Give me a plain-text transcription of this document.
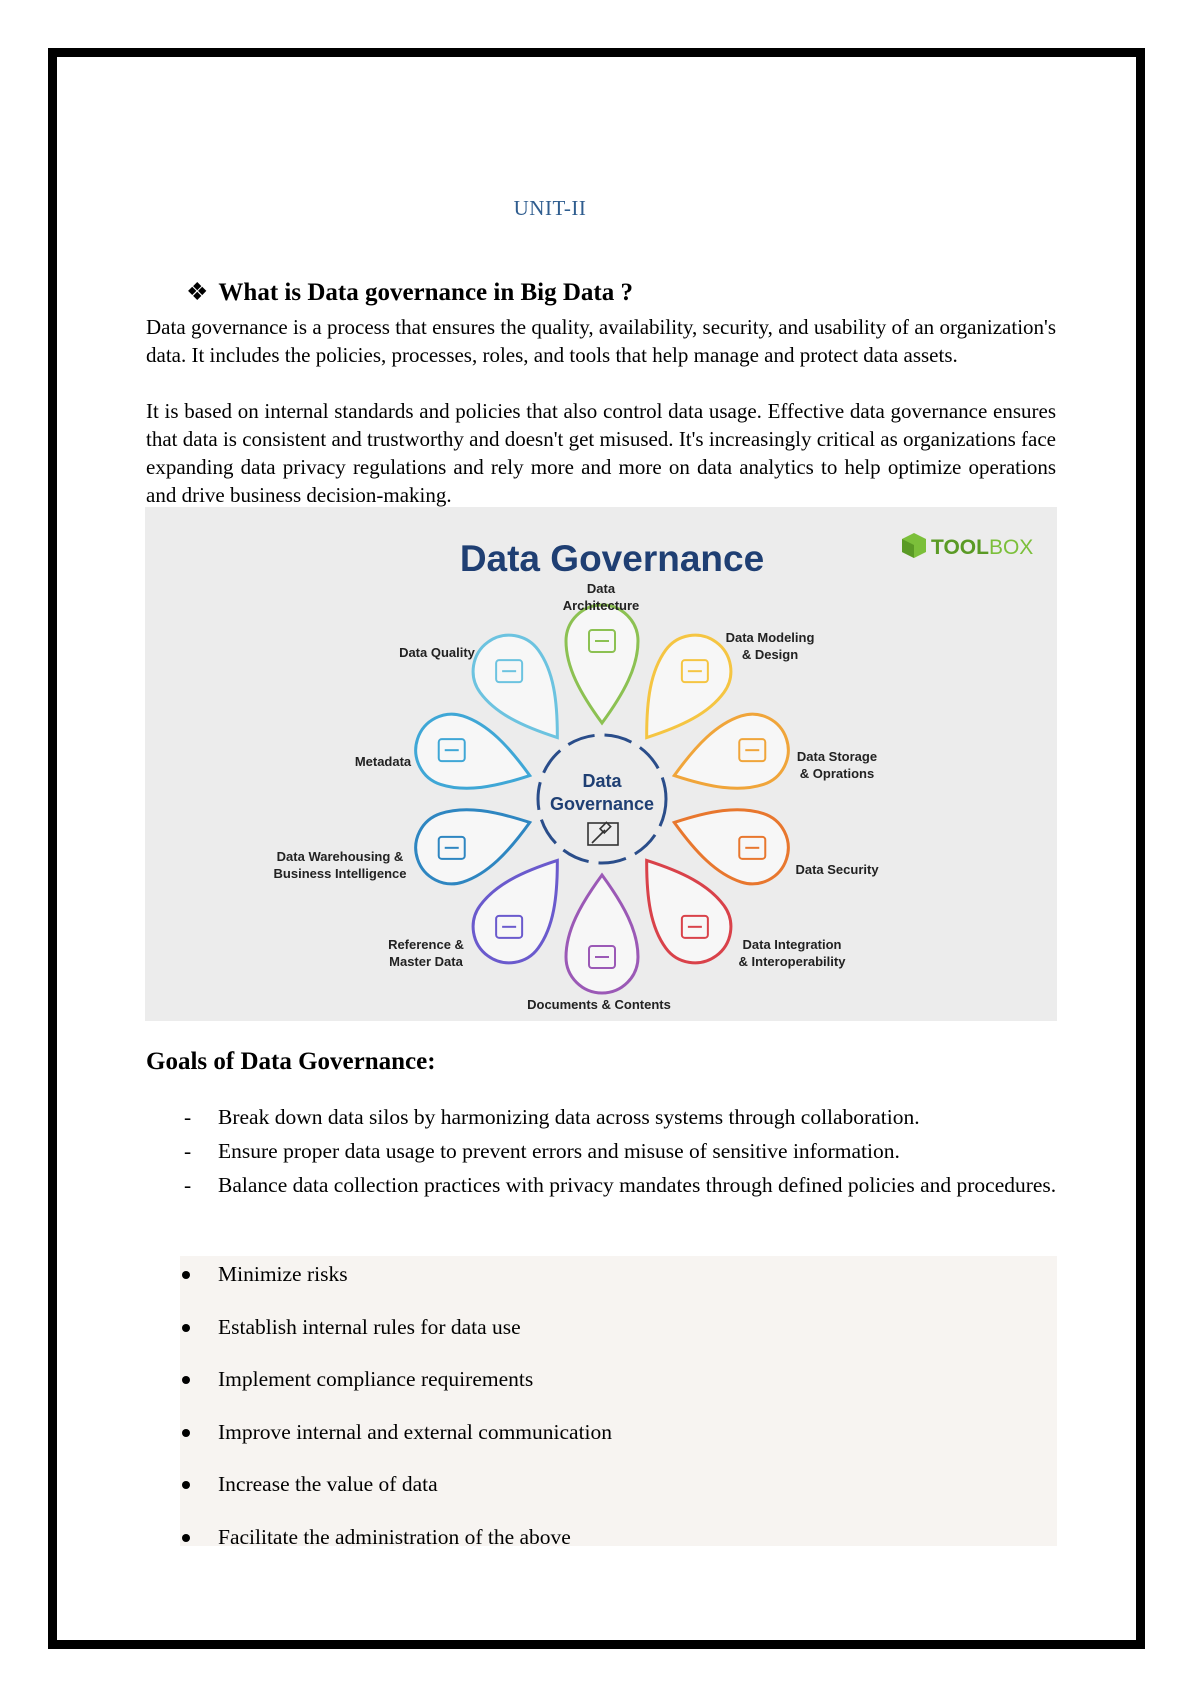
UNIT-II
❖ What is Data governance in Big Data ?

Data governance is a process that ensures the quality, availability, security, and usability of an organization's data. It includes the policies, processes, roles, and tools that help manage and protect data assets.

It is based on internal standards and policies that also control data usage. Effective data governance ensures that data is consistent and trustworthy and doesn't get misused. It's increasingly critical as organizations face expanding data privacy regulations and rely more and more on data analytics to help optimize operations and drive business decision-making.

Data Governance	TOOLBOX
Data
Governance
Data
Architecture
Data Modeling
& Design
Data Storage
& Oprations
Data Security
Data Integration
& Interoperability
Documents & Contents
Reference &
Master Data
Data Warehousing &
Business Intelligence
Metadata
Data Quality
Goals of Data Governance:
- Break down data silos by harmonizing data across systems through collaboration.
- Ensure proper data usage to prevent errors and misuse of sensitive information.
- Balance data collection practices with privacy mandates through defined policies and procedures.
Minimize risks
Establish internal rules for data use
Implement compliance requirements
Improve internal and external communication
Increase the value of data
Facilitate the administration of the above
